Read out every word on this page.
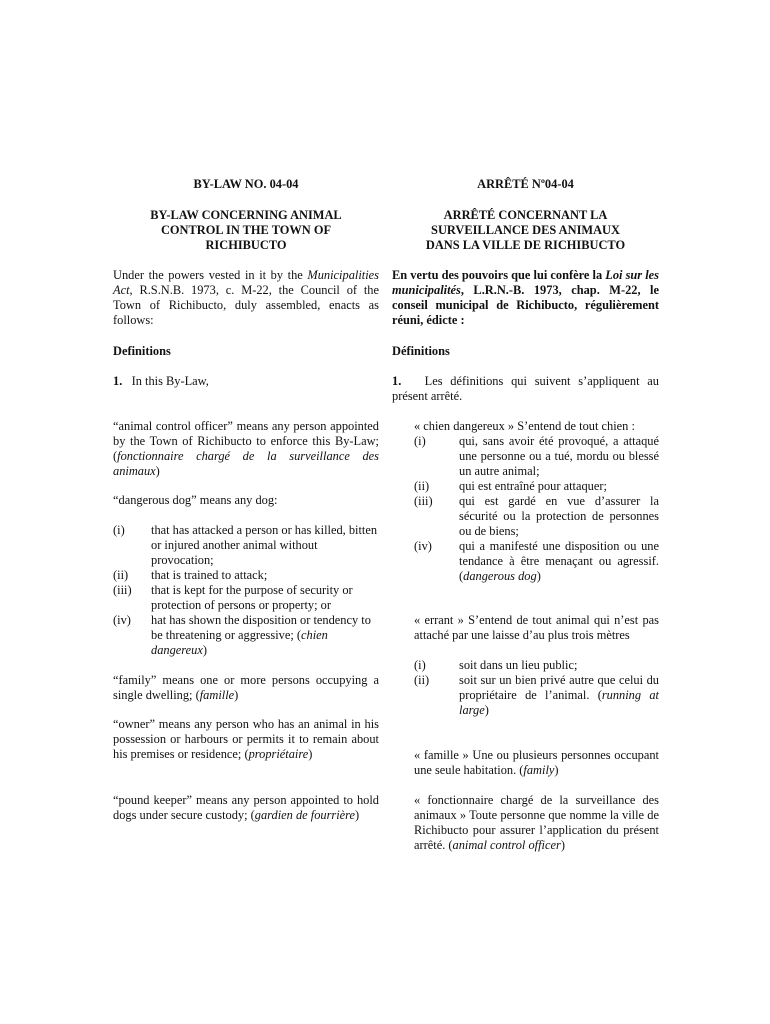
BY-LAW NO. 04-04
BY-LAW CONCERNING ANIMAL
CONTROL IN THE TOWN OF
RICHIBUCTO
Under the powers vested in it by the Municipalities Act, R.S.N.B. 1973, c. M-22, the Council of the Town of Richibucto, duly assembled, enacts as follows:
Definitions
1. In this By-Law,
“animal control officer” means any person appointed by the Town of Richibucto to enforce this By-Law; (fonctionnaire chargé de la surveillance des animaux)
“dangerous dog” means any dog:
(i)	that has attacked a person or has killed, bitten or injured another animal without provocation;
(ii)	that is trained to attack;
(iii)	that is kept for the purpose of security or protection of persons or property; or
(iv)	hat has shown the disposition or tendency to be threatening or aggressive; (chien dangereux)
“family” means one or more persons occupying a single dwelling; (famille)
“owner” means any person who has an animal in his possession or harbours or permits it to remain about his premises or residence; (propriétaire)
“pound keeper” means any person appointed to hold dogs under secure custody; (gardien de fourrière)
ARRÊTÉ Nº04-04
ARRÊTÉ CONCERNANT LA
SURVEILLANCE DES ANIMAUX
DANS LA VILLE DE RICHIBUCTO
En vertu des pouvoirs que lui confère la Loi sur les municipalités, L.R.N.-B. 1973, chap. M-22, le conseil municipal de Richibucto, régulièrement réuni, édicte :
Définitions
1. Les définitions qui suivent s’appliquent au présent arrêté.
« chien dangereux » S’entend de tout chien :
(i)	qui, sans avoir été provoqué, a attaqué une personne ou a tué, mordu ou blessé un autre animal;
(ii)	qui est entraîné pour attaquer;
(iii)	qui est gardé en vue d’assurer la sécurité ou la protection de personnes ou de biens;
(iv)	qui a manifesté une disposition ou une tendance à être menaçant ou agressif. (dangerous dog)
« errant » S’entend de tout animal qui n’est pas attaché par une laisse d’au plus trois mètres
(i)	soit dans un lieu public;
(ii)	soit sur un bien privé autre que celui du propriétaire de l’animal. (running at large)
« famille » Une ou plusieurs personnes occupant une seule habitation. (family)
« fonctionnaire chargé de la surveillance des animaux » Toute personne que nomme la ville de Richibucto pour assurer l’application du présent arrêté. (animal control officer)
